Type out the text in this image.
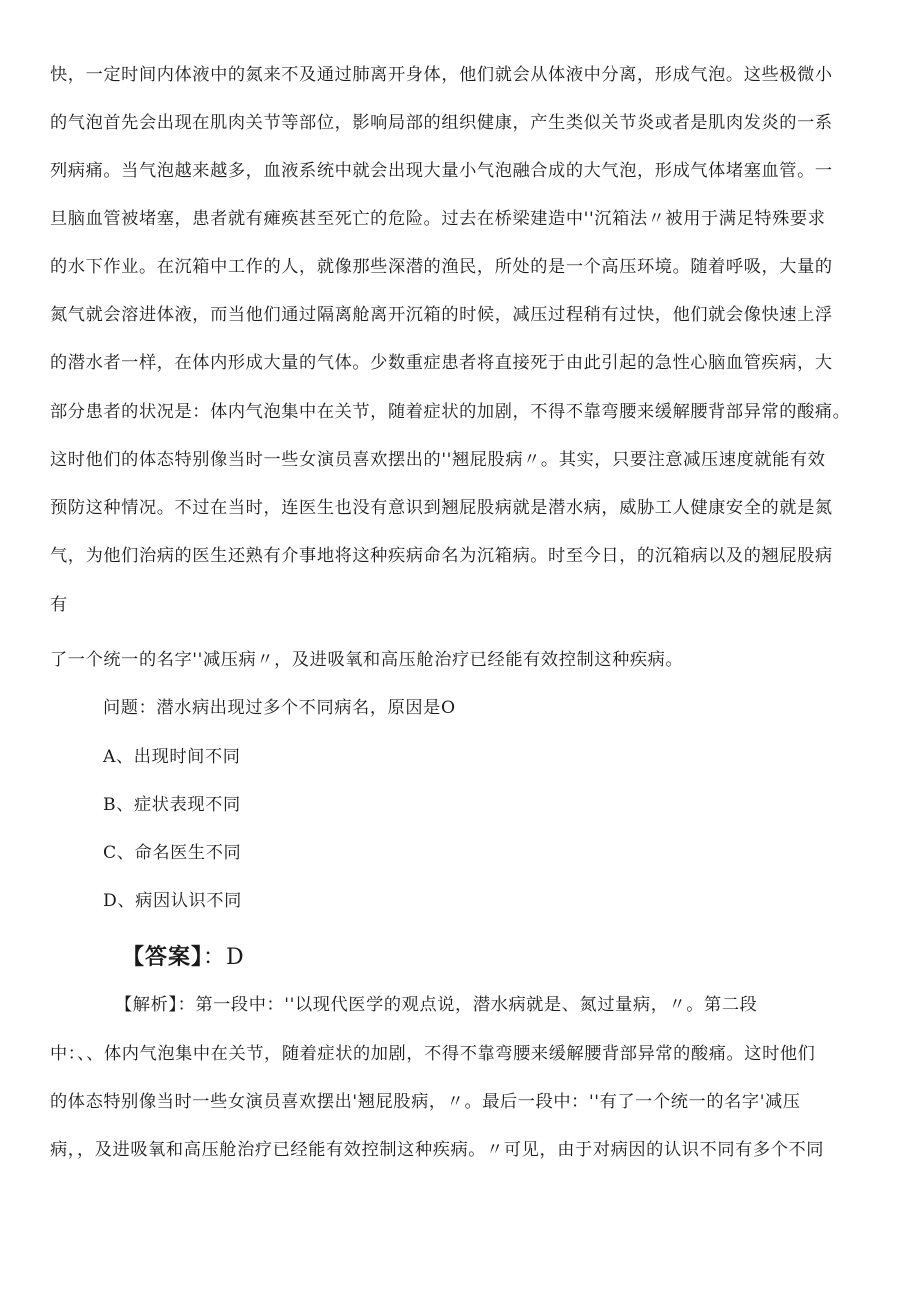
快，一定时间内体液中的氮来不及通过肺离开身体，他们就会从体液中分离，形成气泡。这些极微小
的气泡首先会出现在肌肉关节等部位，影响局部的组织健康，产生类似关节炎或者是肌肉发炎的一系
列病痛。当气泡越来越多，血液系统中就会出现大量小气泡融合成的大气泡，形成气体堵塞血管。一
旦脑血管被堵塞，患者就有瘫痪甚至死亡的危险。过去在桥梁建造中''沉箱法〃被用于满足特殊要求
的水下作业。在沉箱中工作的人，就像那些深潜的渔民，所处的是一个高压环境。随着呼吸，大量的
氮气就会溶进体液，而当他们通过隔离舱离开沉箱的时候，减压过程稍有过快，他们就会像快速上浮
的潜水者一样，在体内形成大量的气体。少数重症患者将直接死于由此引起的急性心脑血管疾病，大
部分患者的状况是：体内气泡集中在关节，随着症状的加剧，不得不靠弯腰来缓解腰背部异常的酸痛。
这时他们的体态特别像当时一些女演员喜欢摆出的''翘屁股病〃。其实，只要注意减压速度就能有效
预防这种情况。不过在当时，连医生也没有意识到翘屁股病就是潜水病，威胁工人健康安全的就是氮
气，为他们治病的医生还熟有介事地将这种疾病命名为沉箱病。时至今日，的沉箱病以及的翘屁股病
有
了一个统一的名字''减压病〃，及进吸氧和高压舱治疗已经能有效控制这种疾病。
问题：潜水病出现过多个不同病名，原因是O
A、出现时间不同
B、症状表现不同
C、命名医生不同
D、病因认识不同
【答案】：D
【解析】：第一段中：''以现代医学的观点说，潜水病就是、氮过量病，〃。第二段
中：、、体内气泡集中在关节，随着症状的加剧，不得不靠弯腰来缓解腰背部异常的酸痛。这时他们
的体态特别像当时一些女演员喜欢摆出'翘屁股病，〃。最后一段中：''有了一个统一的名字'减压
病，，及进吸氧和高压舱治疗已经能有效控制这种疾病。〃可见，由于对病因的认识不同有多个不同
